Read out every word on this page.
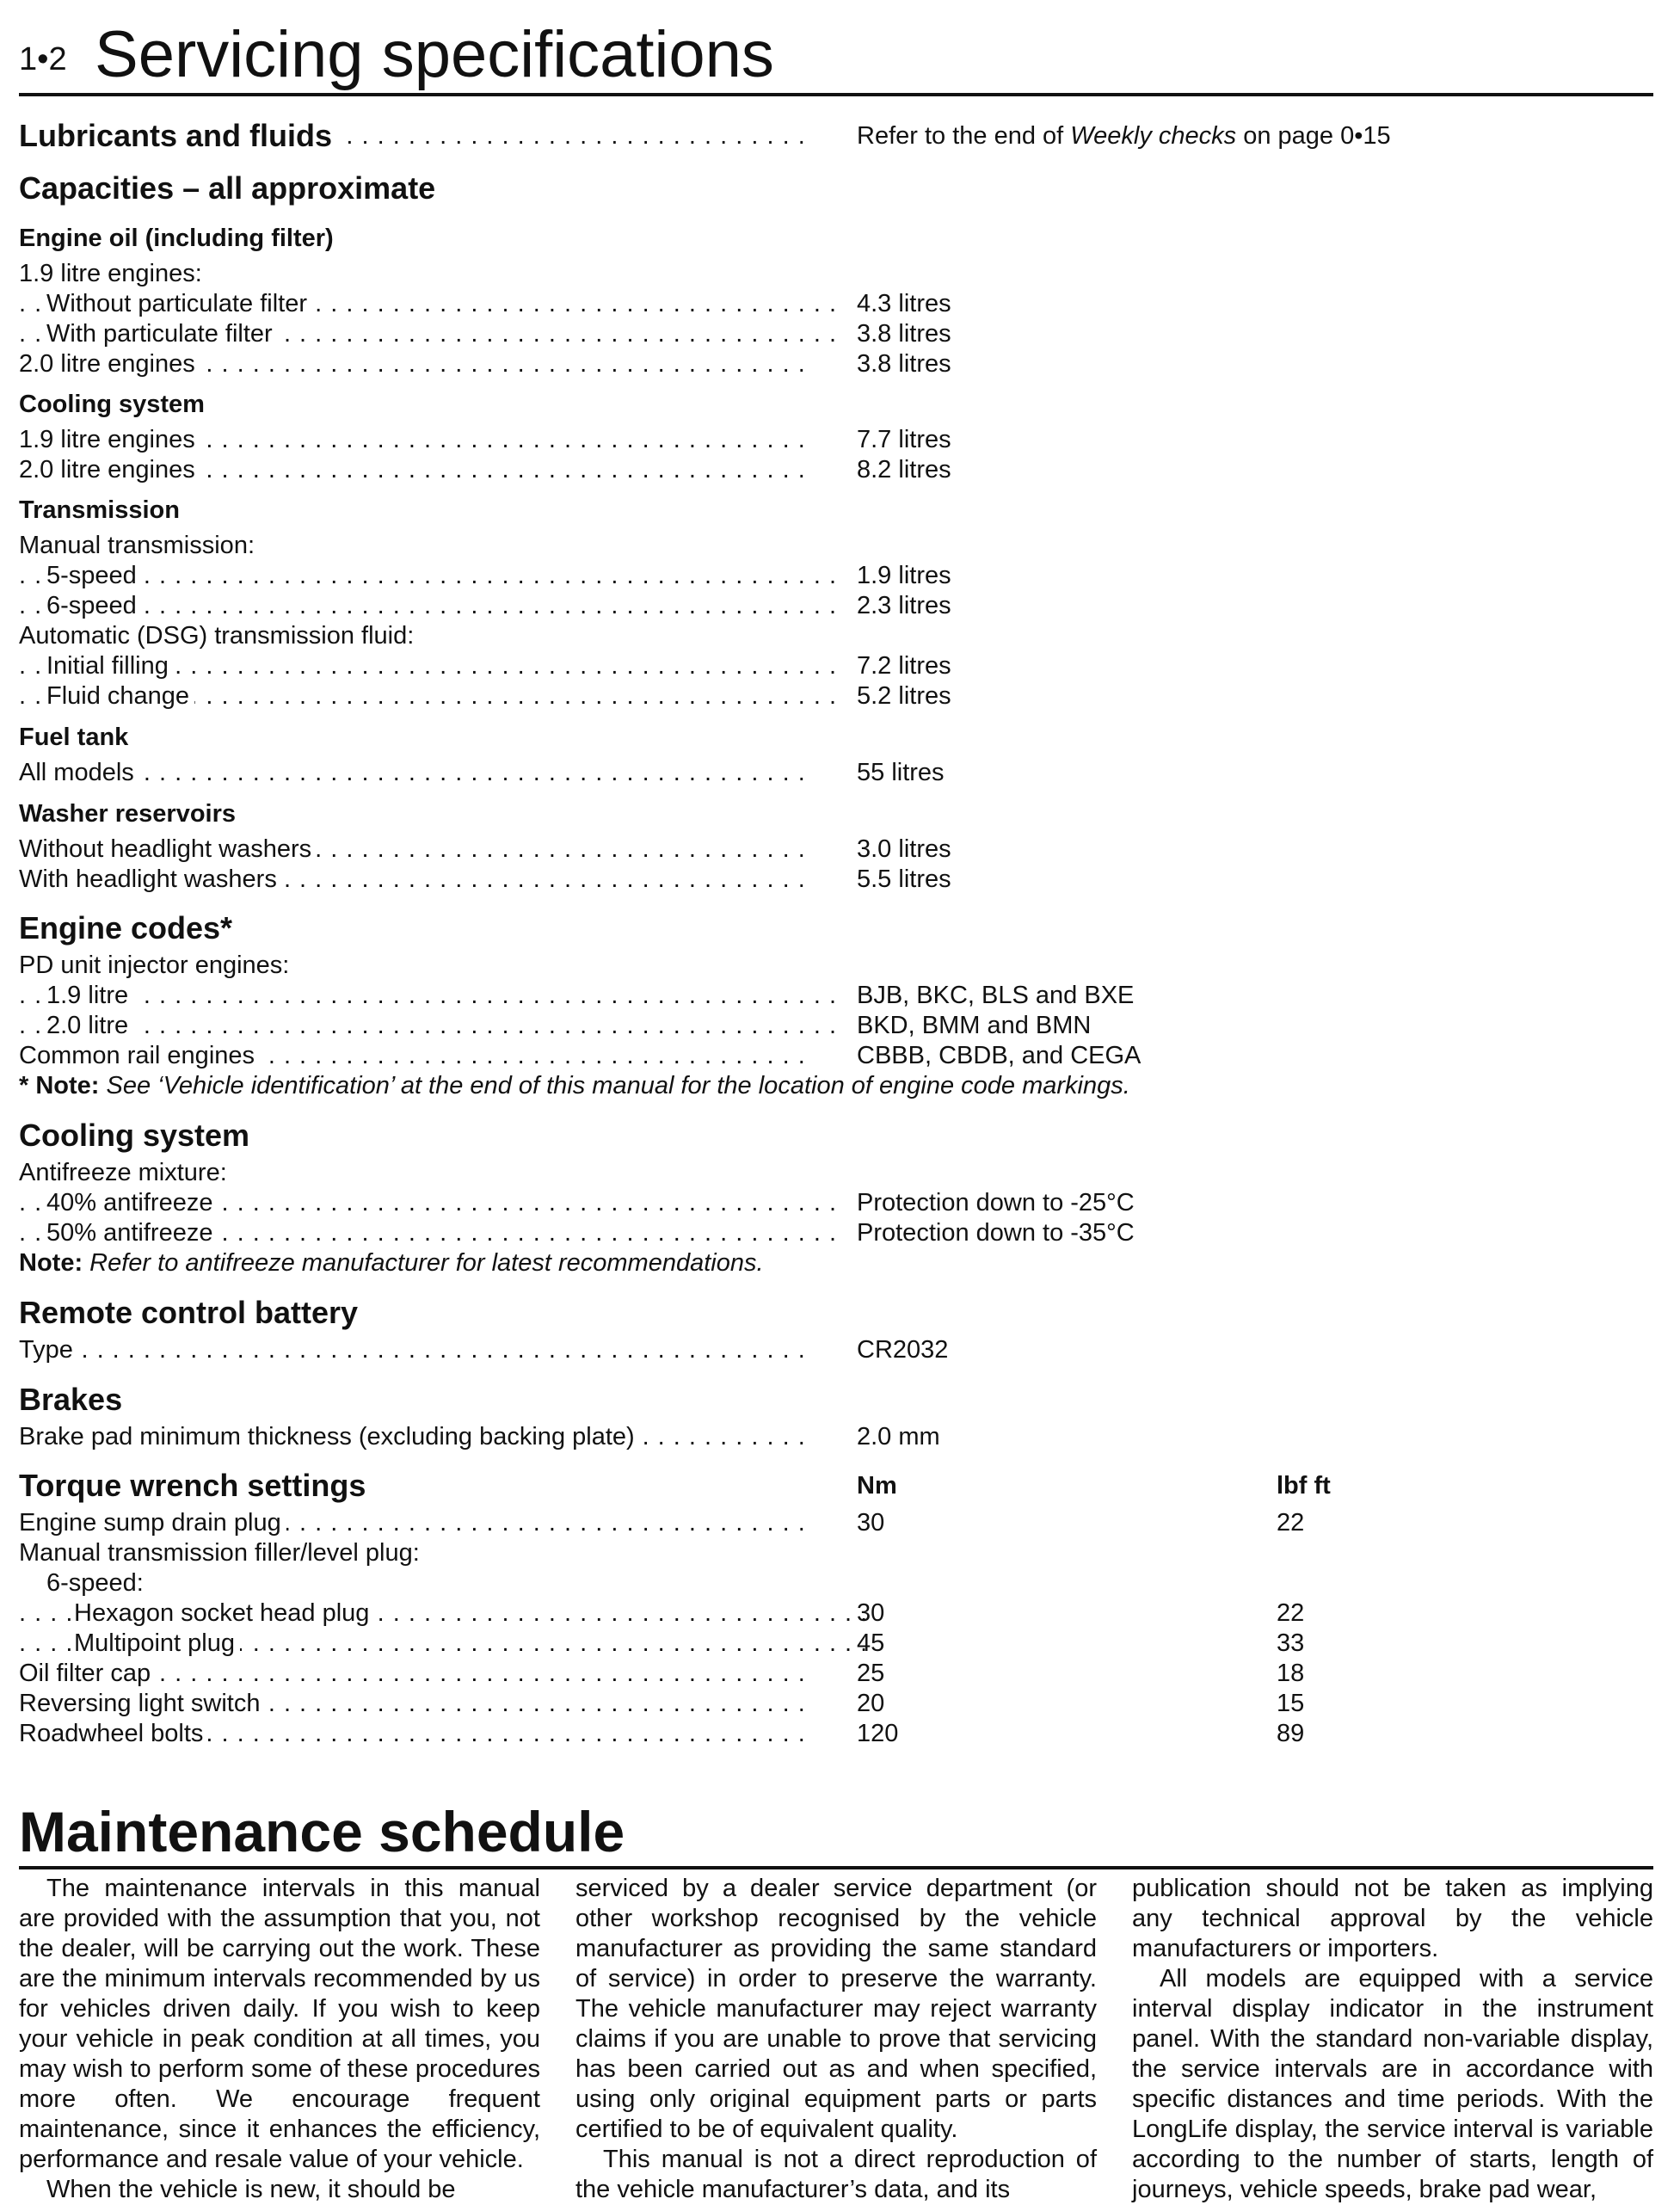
1•2 Servicing specifications
Lubricants and fluids . . .	Refer to the end of Weekly checks on page 0•15
Capacities – all approximate
Engine oil (including filter)
1.9 litre engines:
Without particulate filter . . .	4.3 litres
With particulate filter . . .	3.8 litres
2.0 litre engines . . .	3.8 litres
Cooling system
1.9 litre engines . . .	7.7 litres
2.0 litre engines . . .	8.2 litres
Transmission
Manual transmission:
5-speed . . .	1.9 litres
6-speed . . .	2.3 litres
Automatic (DSG) transmission fluid:
Initial filling . . .	7.2 litres
Fluid change . . .	5.2 litres
Fuel tank
All models . . .	55 litres
Washer reservoirs
Without headlight washers . . .	3.0 litres
With headlight washers . . .	5.5 litres
Engine codes*
PD unit injector engines:
1.9 litre . . .	BJB, BKC, BLS and BXE
2.0 litre . . .	BKD, BMM and BMN
Common rail engines . . .	CBBB, CBDB, and CEGA
* Note: See ‘Vehicle identification’ at the end of this manual for the location of engine code markings.
Cooling system
Antifreeze mixture:
40% antifreeze . . .	Protection down to -25°C
50% antifreeze . . .	Protection down to -35°C
Note: Refer to antifreeze manufacturer for latest recommendations.
Remote control battery
Type . . .	CR2032
Brakes
Brake pad minimum thickness (excluding backing plate) . . .	2.0 mm
Torque wrench settings	Nm	lbf ft
Engine sump drain plug . . .	30	22
Manual transmission filler/level plug:
6-speed:
Hexagon socket head plug . . .	30	22
Multipoint plug . . .	45	33
Oil filter cap . . .	25	18
Reversing light switch . . .	20	15
Roadwheel bolts . . .	120	89
Maintenance schedule

The maintenance intervals in this manual are provided with the assumption that you, not the dealer, will be carrying out the work. These are the minimum intervals recommended by us for vehicles driven daily. If you wish to keep your vehicle in peak condition at all times, you may wish to perform some of these procedures more often. We encourage frequent maintenance, since it enhances the efficiency, performance and resale value of your vehicle.

When the vehicle is new, it should be

serviced by a dealer service department (or other workshop recognised by the vehicle manufacturer as providing the same standard of service) in order to preserve the warranty. The vehicle manufacturer may reject warranty claims if you are unable to prove that servicing has been carried out as and when specified, using only original equipment parts or parts certified to be of equivalent quality.

This manual is not a direct reproduction of the vehicle manufacturer’s data, and its

publication should not be taken as implying any technical approval by the vehicle manufacturers or importers.

All models are equipped with a service interval display indicator in the instrument panel. With the standard non-variable display, the service intervals are in accordance with specific distances and time periods. With the LongLife display, the service interval is variable according to the number of starts, length of journeys, vehicle speeds, brake pad wear,
